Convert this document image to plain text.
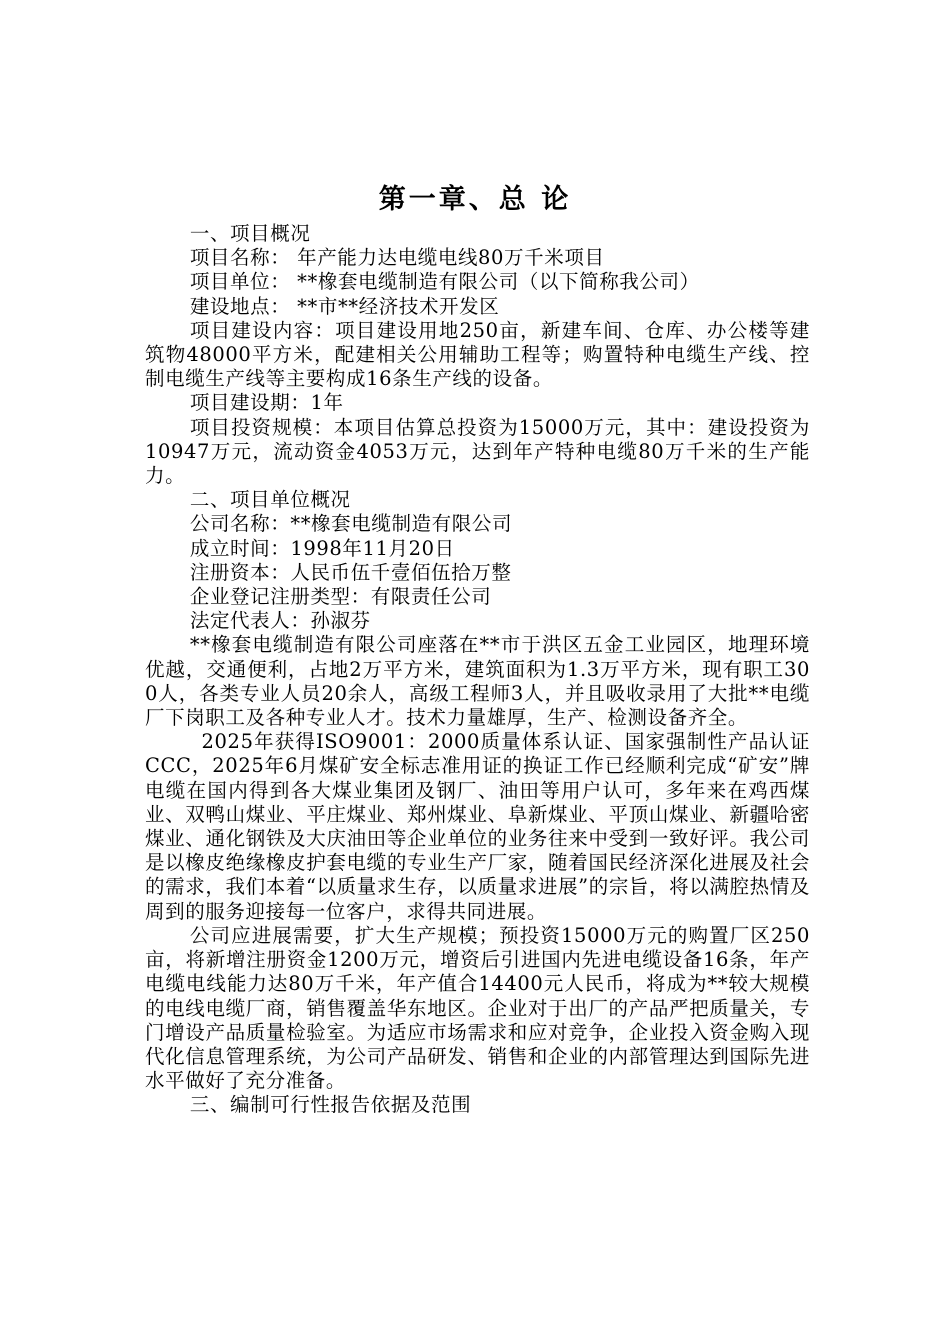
第一章、总 论

一、项目概况

项目名称： 年产能力达电缆电线80万千米项目

项目单位： **橡套电缆制造有限公司（以下简称我公司）

建设地点： **市**经济技术开发区

项目建设内容：项目建设用地250亩，新建车间、仓库、办公楼等建筑物48000平方米，配建相关公用辅助工程等；购置特种电缆生产线、控制电缆生产线等主要构成16条生产线的设备。

项目建设期：1年

项目投资规模：本项目估算总投资为15000万元，其中：建设投资为10947万元，流动资金4053万元，达到年产特种电缆80万千米的生产能力。

二、项目单位概况

公司名称：**橡套电缆制造有限公司

成立时间：1998年11月20日

注册资本：人民币伍千壹佰伍拾万整

企业登记注册类型：有限责任公司

法定代表人：孙淑芬

**橡套电缆制造有限公司座落在**市于洪区五金工业园区，地理环境优越，交通便利，占地2万平方米，建筑面积为1.3万平方米，现有职工300人，各类专业人员20余人，高级工程师3人，并且吸收录用了大批**电缆厂下岗职工及各种专业人才。技术力量雄厚，生产、检测设备齐全。

2025年获得ISO9001：2000质量体系认证、国家强制性产品认证CCC，2025年6月煤矿安全标志准用证的换证工作已经顺利完成“矿安”牌电缆在国内得到各大煤业集团及钢厂、油田等用户认可，多年来在鸡西煤业、双鸭山煤业、平庄煤业、郑州煤业、阜新煤业、平顶山煤业、新疆哈密煤业、通化钢铁及大庆油田等企业单位的业务往来中受到一致好评。我公司是以橡皮绝缘橡皮护套电缆的专业生产厂家，随着国民经济深化进展及社会的需求，我们本着“以质量求生存，以质量求进展”的宗旨，将以满腔热情及周到的服务迎接每一位客户，求得共同进展。

公司应进展需要，扩大生产规模；预投资15000万元的购置厂区250亩，将新增注册资金1200万元，增资后引进国内先进电缆设备16条，年产电缆电线能力达80万千米，年产值合14400元人民币，将成为**较大规模的电线电缆厂商，销售覆盖华东地区。企业对于出厂的产品严把质量关，专门增设产品质量检验室。为适应市场需求和应对竞争，企业投入资金购入现代化信息管理系统，为公司产品研发、销售和企业的内部管理达到国际先进水平做好了充分准备。

三、编制可行性报告依据及范围
